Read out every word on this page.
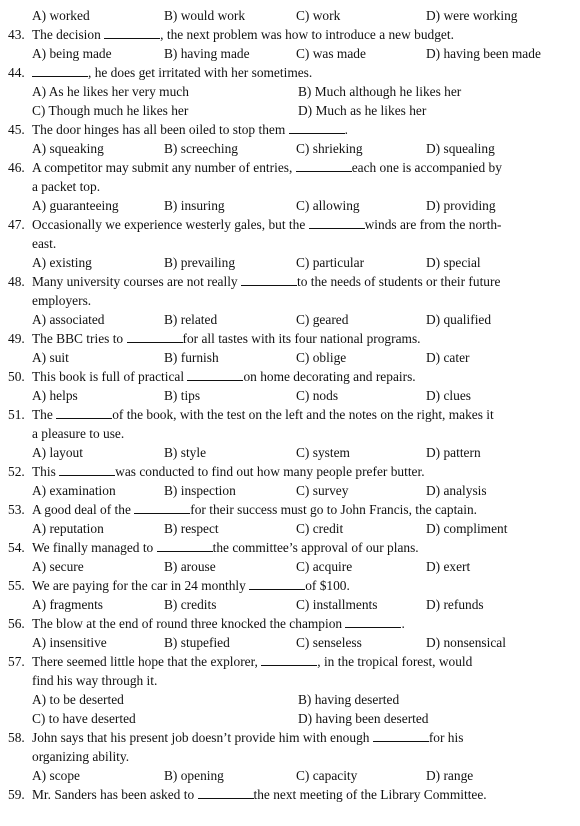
A) worked	B) would work	C) work	D) were working
43. The decision	, the next problem was how to introduce a new budget.
A) being made	B) having made	C) was made	D) having been made
44.	, he does get irritated with her sometimes.
A) As he likes her very much	B) Much although he likes her
C) Though much he likes her	D) Much as he likes her
45. The door hinges has all been oiled to stop them	.
A) squeaking	B) screeching	C) shrieking	D) squealing
46. A competitor may submit any number of entries,	each one is accompanied by
a packet top.
A) guaranteeing	B) insuring	C) allowing	D) providing
47. Occasionally we experience westerly gales, but the	winds are from the north-
east.
A) existing	B) prevailing	C) particular	D) special
48. Many university courses are not really	to the needs of students or their future
employers.
A) associated	B) related	C) geared	D) qualified
49. The BBC tries to	for all tastes with its four national programs.
A) suit	B) furnish	C) oblige	D) cater
50. This book is full of practical	on home decorating and repairs.
A) helps	B) tips	C) nods	D) clues
51. The	of the book, with the test on the left and the notes on the right, makes it
a pleasure to use.
A) layout	B) style	C) system	D) pattern
52. This	was conducted to find out how many people prefer butter.
A) examination	B) inspection	C) survey	D) analysis
53. A good deal of the	for their success must go to John Francis, the captain.
A) reputation	B) respect	C) credit	D) compliment
54. We finally managed to	the committee’s approval of our plans.
A) secure	B) arouse	C) acquire	D) exert
55. We are paying for the car in 24 monthly	of $100.
A) fragments	B) credits	C) installments	D) refunds
56. The blow at the end of round three knocked the champion	.
A) insensitive	B) stupefied	C) senseless	D) nonsensical
57. There seemed little hope that the explorer,	, in the tropical forest, would
find his way through it.
A) to be deserted	B) having deserted
C) to have deserted	D) having been deserted
58. John says that his present job doesn’t provide him with enough	for his
organizing ability.
A) scope	B) opening	C) capacity	D) range
59. Mr. Sanders has been asked to	the next meeting of the Library Committee.
